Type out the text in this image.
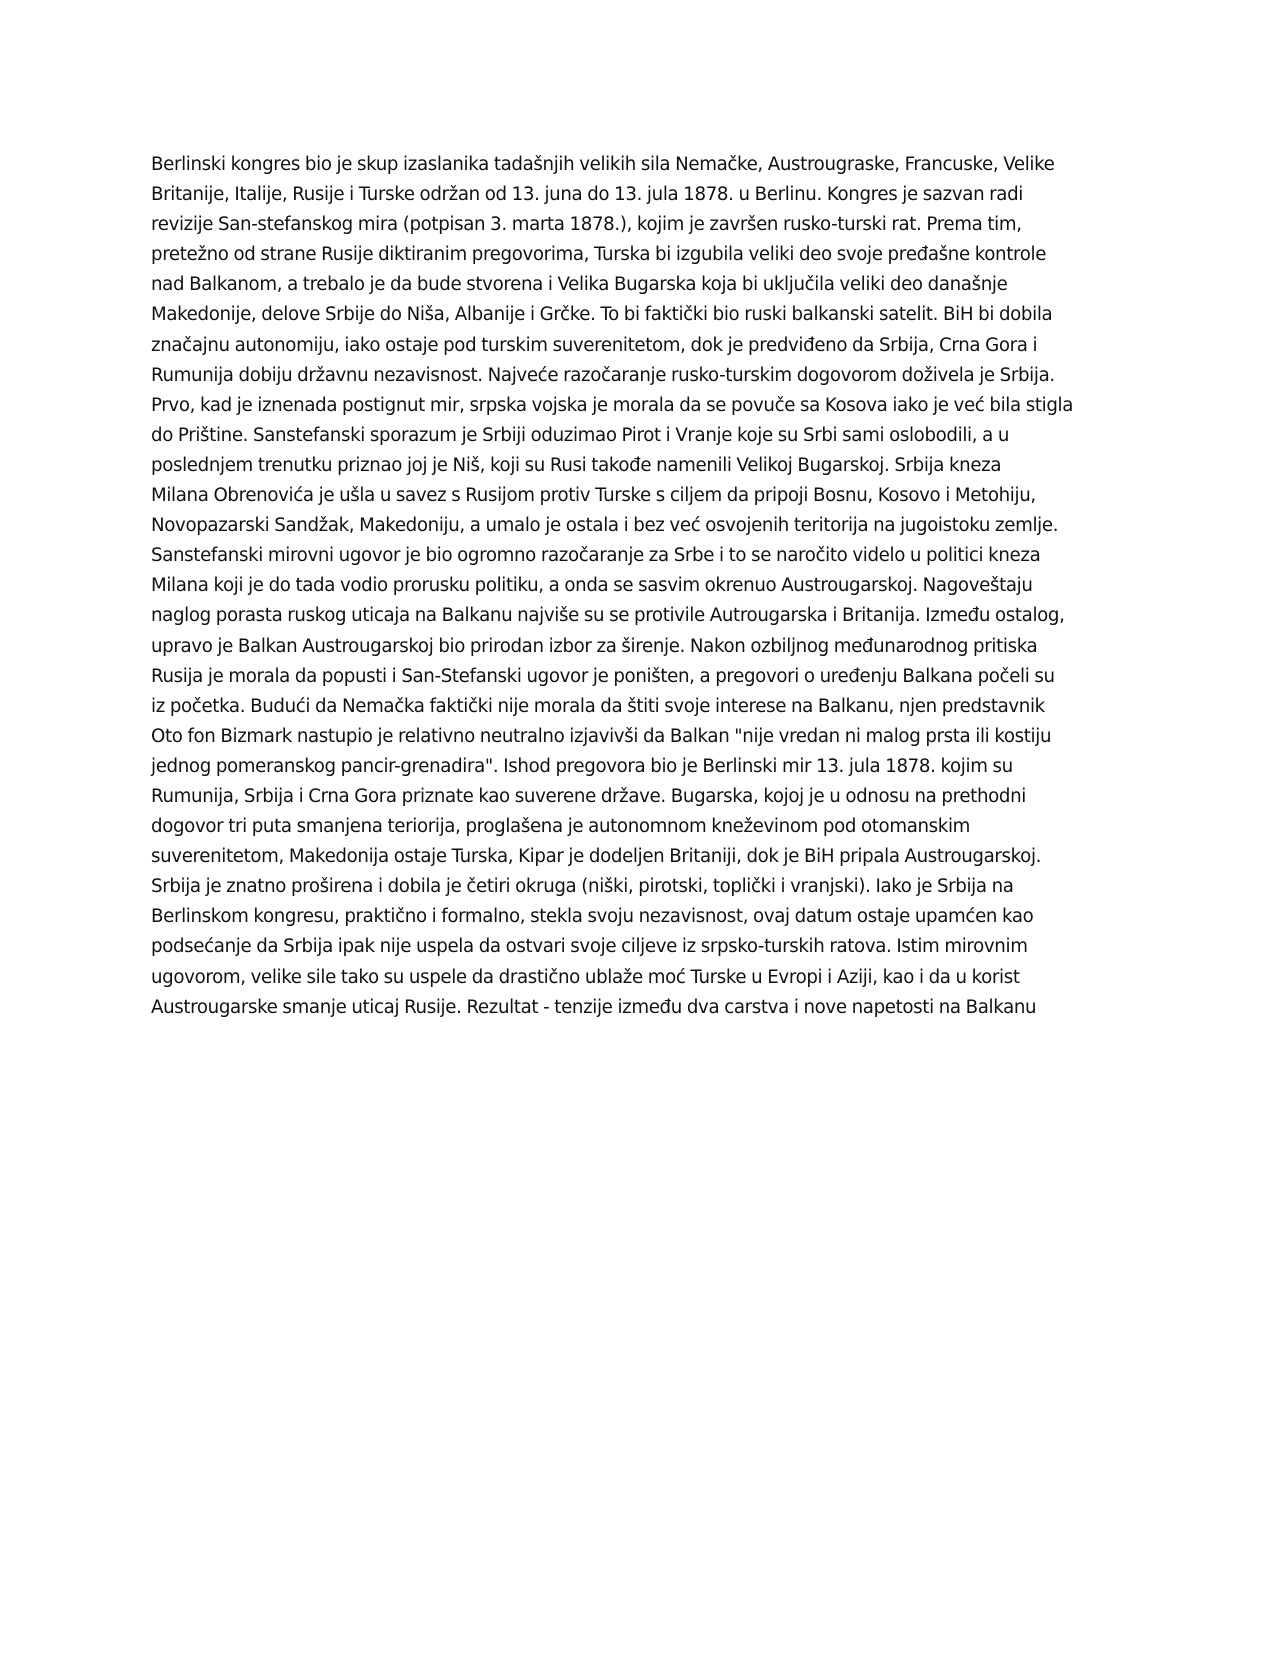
Berlinski kongres bio je skup izaslanika tadašnjih velikih sila Nemačke, Austrougraske, Francuske, Velike
Britanije, Italije, Rusije i Turske održan od 13. juna do 13. jula 1878. u Berlinu. Kongres je sazvan radi
revizije San-stefanskog mira (potpisan 3. marta 1878.), kojim je završen rusko-turski rat. Prema tim,
pretežno od strane Rusije diktiranim pregovorima, Turska bi izgubila veliki deo svoje prеđašne kontrole
nad Balkanom, a trebalo je da bude stvorena i Velika Bugarska koja bi uključila veliki deo današnje
Makedonije, delove Srbije do Niša, Albanije i Grčke. To bi faktički bio ruski balkanski satelit. BiH bi dobila
značajnu autonomiju, iako ostaje pod turskim suverenitetom, dok je predviđeno da Srbija, Crna Gora i
Rumunija dobiju državnu nezavisnost. Najveće razočaranje rusko-turskim dogovorom doživela je Srbija.
Prvo, kad je iznenada postignut mir, srpska vojska je morala da se povuče sa Kosova iako je već bila stigla
do Prištine. Sanstefanski sporazum je Srbiji oduzimao Pirot i Vranje koje su Srbi sami oslobodili, a u
poslednjem trenutku priznao joj je Niš, koji su Rusi takođe namenili Velikoj Bugarskoj. Srbija kneza
Milana Obrenovića je ušla u savez s Rusijom protiv Turske s ciljem da pripoji Bosnu, Kosovo i Metohiju,
Novopazarski Sandžak, Makedoniju, a umalo je ostala i bez već osvojenih teritorija na jugoistoku zemlje.
Sanstefanski mirovni ugovor je bio ogromno razočaranje za Srbe i to se naročito videlo u politici kneza
Milana koji je do tada vodio prorusku politiku, a onda se sasvim okrenuo Austrougarskoj. Nagoveštaju
naglog porasta ruskog uticaja na Balkanu najviše su se protivile Autrougarska i Britanija. Između ostalog,
upravo je Balkan Austrougarskoj bio prirodan izbor za širenje. Nakon ozbiljnog međunarodnog pritiska
Rusija je morala da popusti i San-Stefanski ugovor je poništen, a pregovori o uređenju Balkana počeli su
iz početka. Budući da Nemačka faktički nije morala da štiti svoje interese na Balkanu, njen predstavnik
Oto fon Bizmark nastupio je relativno neutralno izjavivši da Balkan "nije vredan ni malog prsta ili kostiju
jednog pomeranskog pancir-grenadira". Ishod pregovora bio je Berlinski mir 13. jula 1878. kojim su
Rumunija, Srbija i Crna Gora priznate kao suverene države. Bugarska, kojoj je u odnosu na prethodni
dogovor tri puta smanjena teriorija, proglašena je autonomnom kneževinom pod otomanskim
suverenitetom, Makedonija ostaje Turska, Kipar je dodeljen Britaniji, dok je BiH pripala Austrougarskoj.
Srbija je znatno proširena i dobila je četiri okruga (niški, pirotski, toplički i vranjski). Iako je Srbija na
Berlinskom kongresu, praktično i formalno, stekla svoju nezavisnost, ovaj datum ostaje upamćen kao
podsećanje da Srbija ipak nije uspela da ostvari svoje ciljeve iz srpsko-turskih ratova. Istim mirovnim
ugovorom, velike sile tako su uspele da drastično ublaže moć Turske u Evropi i Aziji, kao i da u korist
Austrougarske smanje uticaj Rusije. Rezultat - tenzije između dva carstva i nove napetosti na Balkanu
